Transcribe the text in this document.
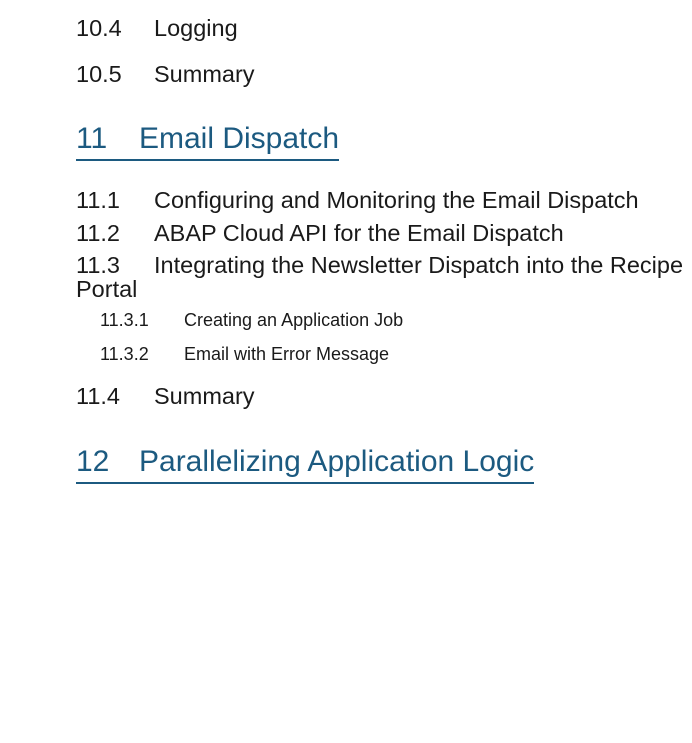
10.4	Logging
10.5	Summary
11 Email Dispatch
11.1 Configuring and Monitoring the Email Dispatch
11.2 ABAP Cloud API for the Email Dispatch
11.3 Integrating the Newsletter Dispatch into the Recipe Portal
11.3.1	Creating an Application Job
11.3.2	Email with Error Message
11.4	Summary
12 Parallelizing Application Logic
